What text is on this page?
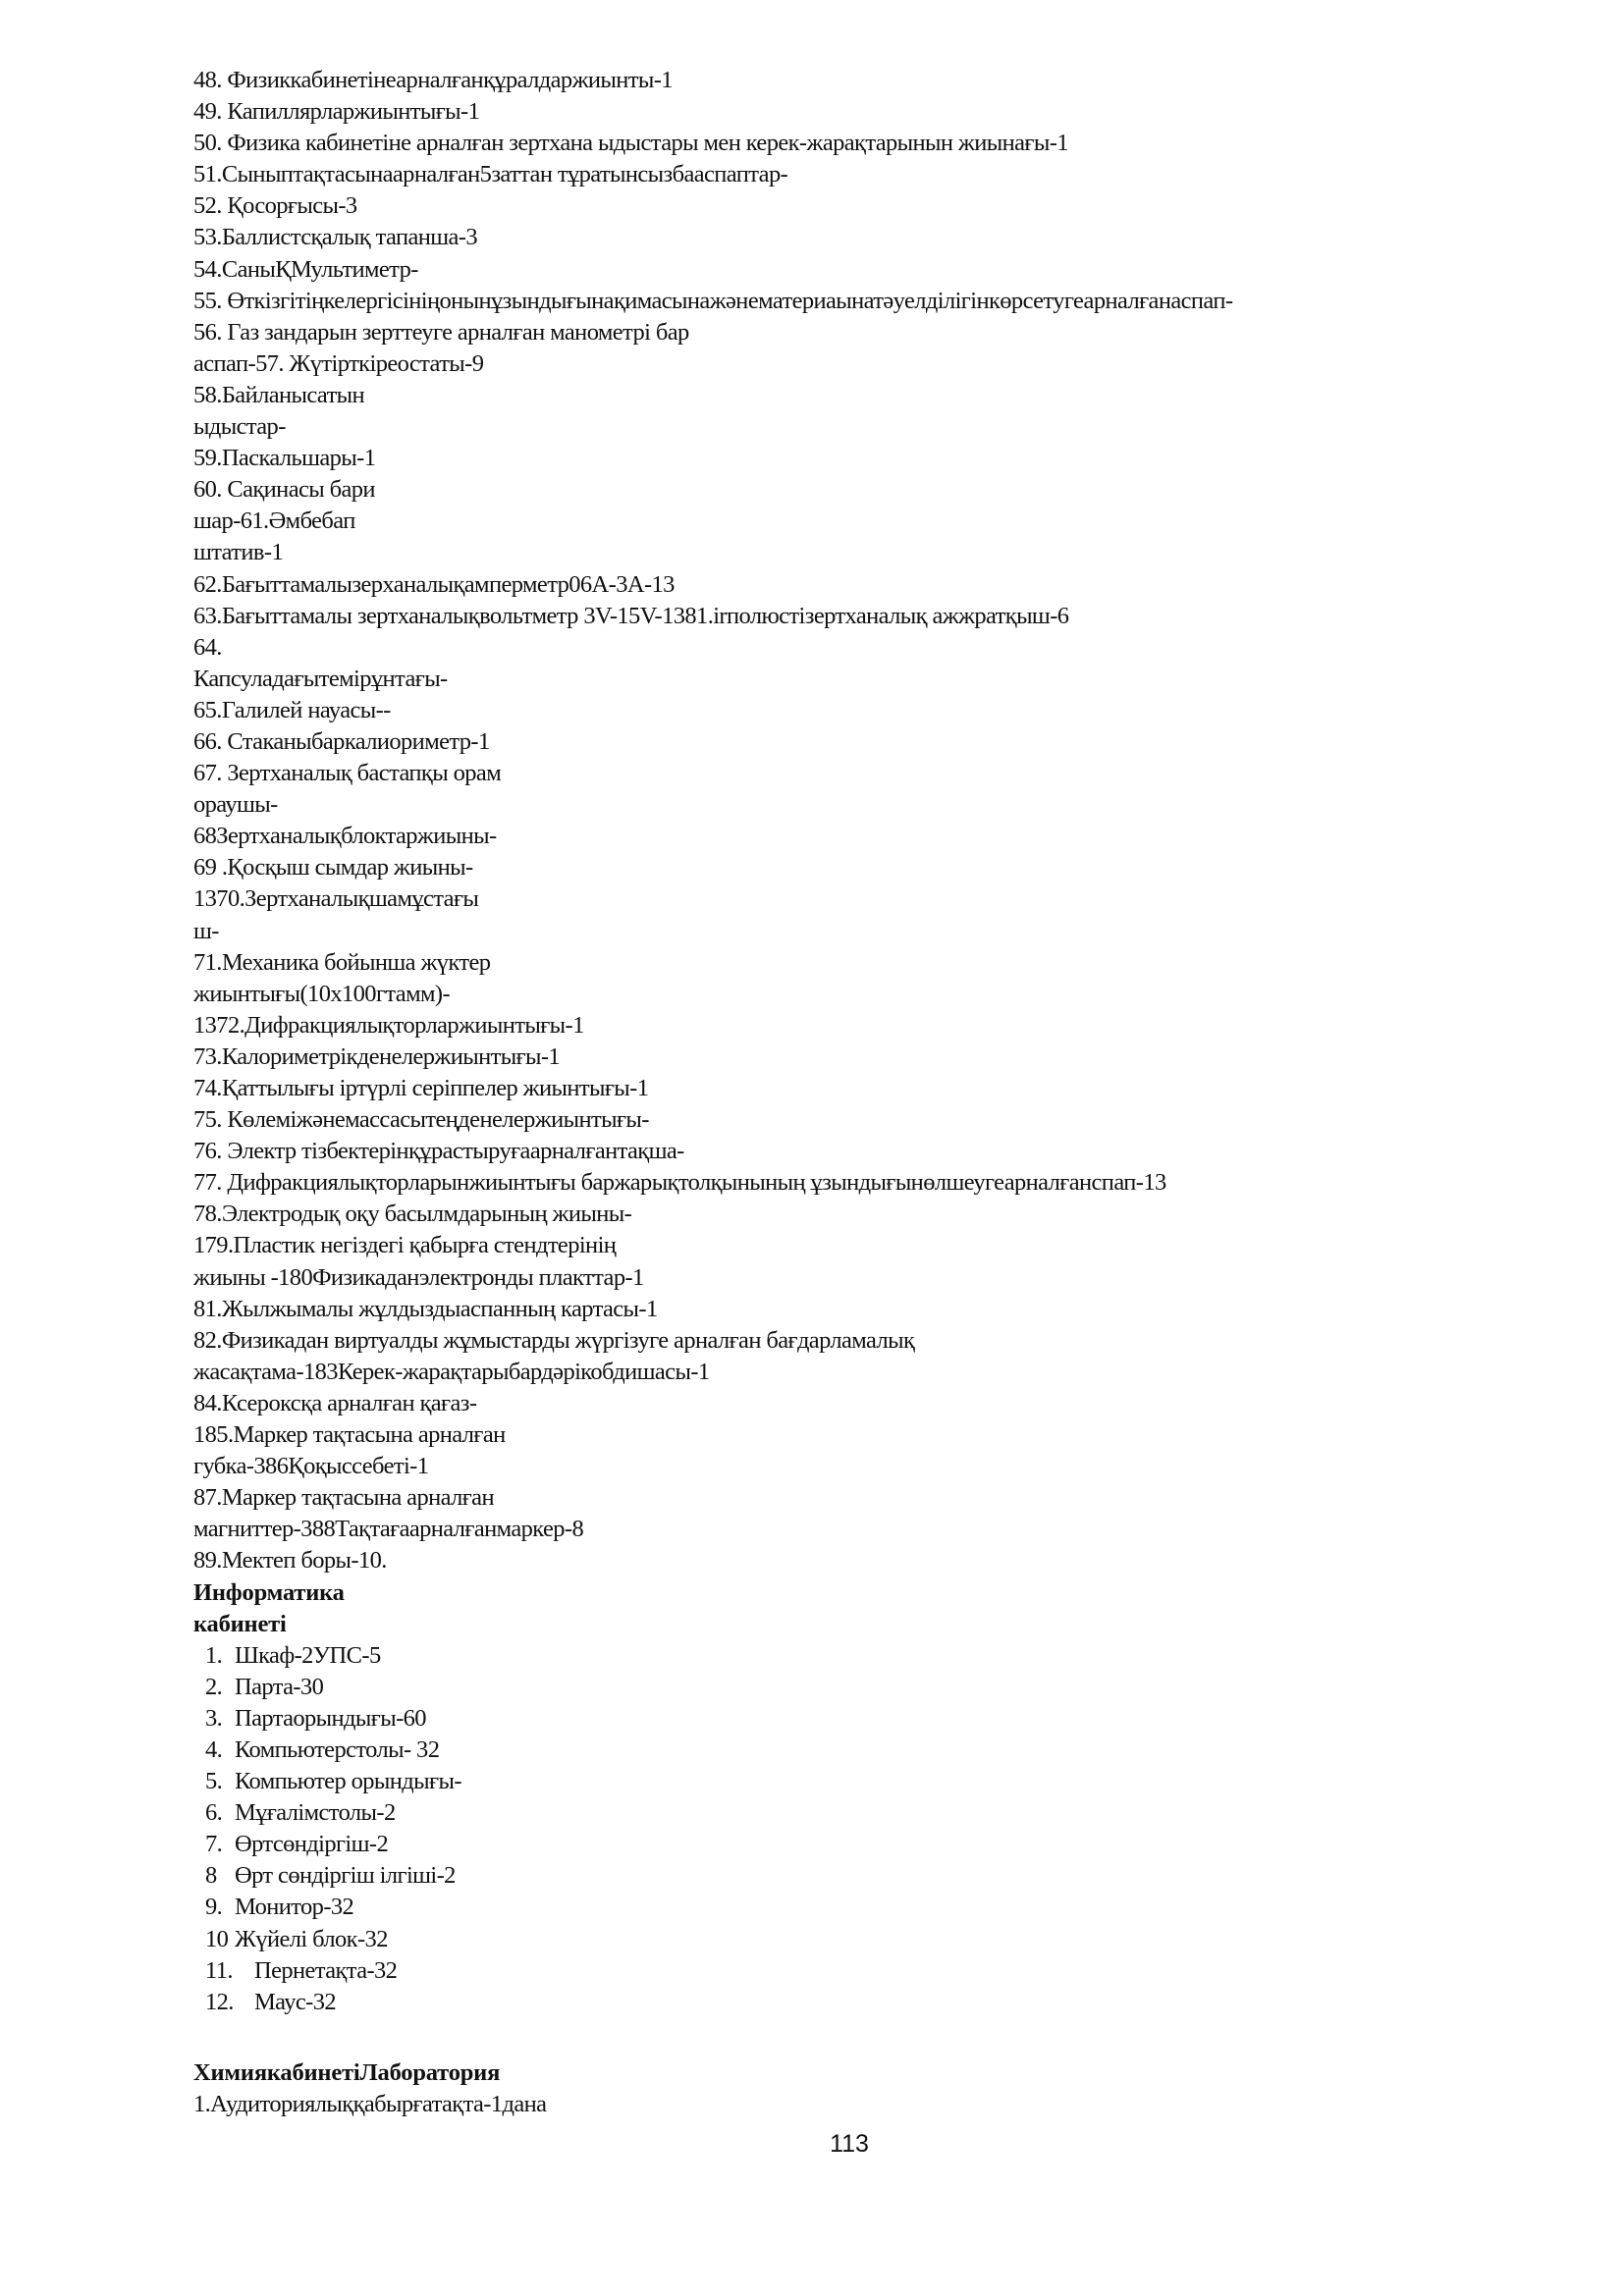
48. Физиккабинетінеарналғанқұралдаржиынты-1
49. Капиллярларжиынтығы-1
50. Физика кабинетіне арналған зертхана ыдыстары мен керек-жарақтарынын жиынағы-1
51.Сыныптақтасынаарналған5заттан тұратынсызбааспаптар-
52. Қосорғысы-3
53.Баллистсқалық тапанша-3
54.СаныҚМультиметр-
55. Өткізгітіңкелергісініңонынұзындығынақимасынажәнематериаынатәуелділігінкөрсетугеарналғанаспап-
56. Газ зандарын зерттеуге арналған манометрі бар
аспап-57. Жүтірткіреостаты-9
58.Байланысатын
ыдыстар-
59.Паскальшары-1
60. Сақинасы бари
шар-61.Әмбебап
штатив-1
62.Бағыттамалызерханалықамперметр06А-3А-13
63.Бағыттамалы зертханалықвольтметр 3V-15V-1381.іrполюстізертханалық ажжратқыш-6
64.
Капсуладағытемірұнтағы-
65.Галилей науасы--
66. Стаканыбаркалиориметр-1
67. Зертханалық бастапқы орам
ораушы-
68Зертханалықблоктаржиыны-
69 .Қосқыш сымдар жиыны-
1370.Зертханалықшамұстағы
ш-
71.Механика бойынша жүктер
жиынтығы(10х100гтамм)-
1372.Дифракциялықторларжиынтығы-1
73.Калориметрікденелержиынтығы-1
74.Қаттылығы іртүрлі серіппелер жиынтығы-1
75. Көлеміжәнемассасытеңденелержиынтығы-
76. Электр тізбектерінқұрастыруғаарналғантақша-
77. Дифракциялықторларынжиынтығы баржарықтолқынының ұзындығынөлшеугеарналғанспап-13
78.Электродық оқу басылмдарының жиыны-
179.Пластик негіздегі қабырға стендтерінің
жиыны -180Физикаданэлектронды плакттар-1
81.Жылжымалы жұлдыздыаспанның картасы-1
82.Физикадан виртуалды жұмыстарды жүргізуге арналған бағдарламалық
жасақтама-183Керек-жарақтарыбардәрікобдишасы-1
84.Ксероксқа арналған қағаз-
185.Маркер тақтасына арналған
губка-386Қоқыссебеті-1
87.Маркер тақтасына арналған
магниттер-388Тақтағаарналғанмаркер-8
89.Мектеп боры-10.
Информатика
кабинеті
1. Шкаф-2УПС-5
2. Парта-30
3. Партаорындығы-60
4. Компьютерстолы- 32
5. Компьютер орындығы-
6. Мұғалімстолы-2
7. Өртсөндіргіш-2
8 Өрт сөндіргіш ілгіші-2
9. Монитор-32
10 Жүйелі блок-32
11. Пернетақта-32
12. Маус-32
ХимиякабинетіЛаборатория
1.Аудиториялыққабырғатақта-1дана
113
